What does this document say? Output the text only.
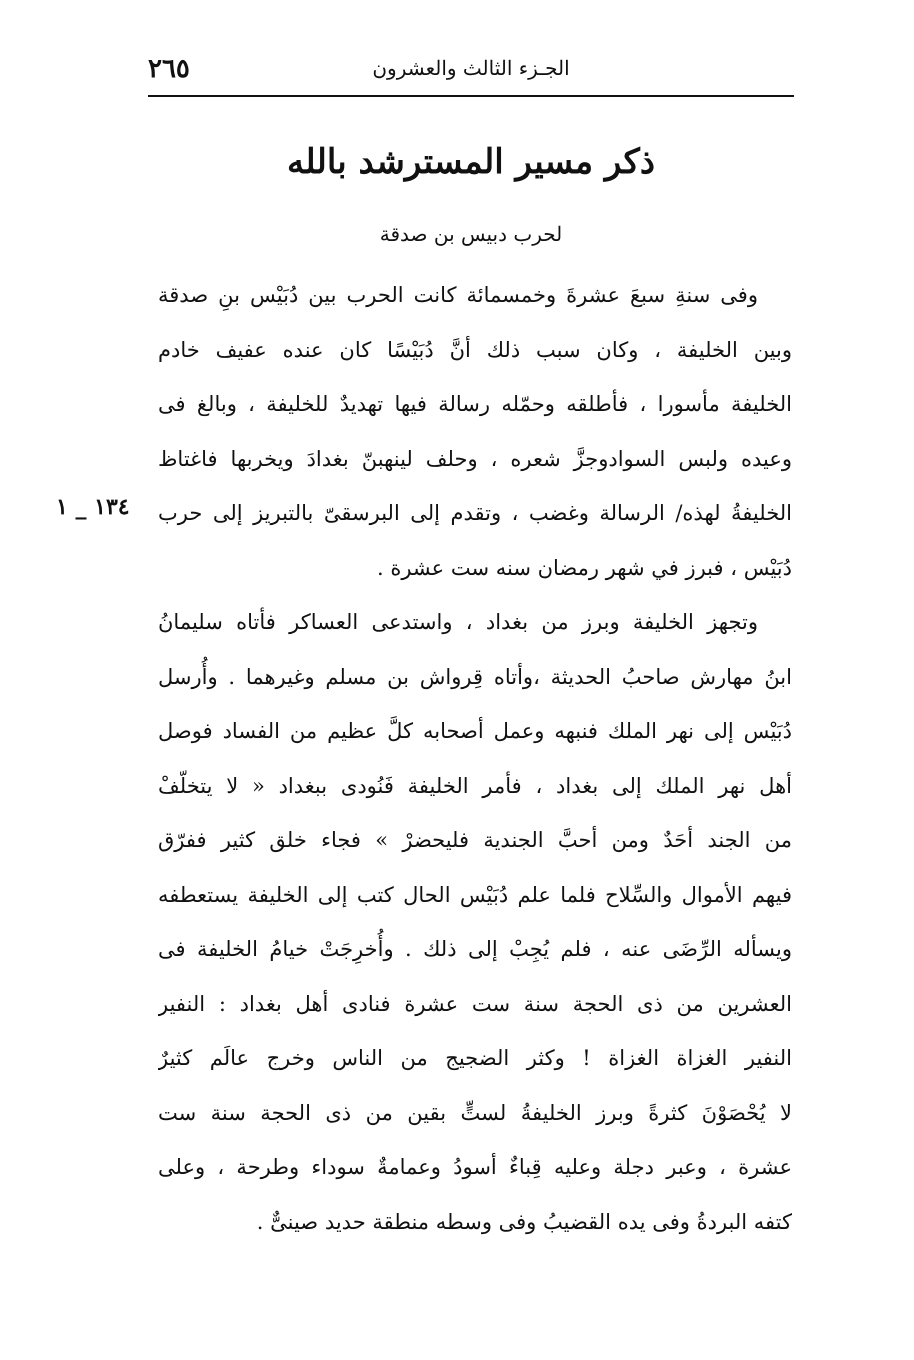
٢٦٥	الجـزء الثالث والعشرون
ذكر مسير المسترشد بالله
لحرب دبيس بن صدقة
١٣٤ _ ١
وفى سنةِ سبعَ عشرةَ وخمسمائة كانت الحرب بين دُبَيْس بنِ صدقة
وبين الخليفة ، وكان سبب ذلك أنَّ دُبَيْسًا كان عنده عفيف خادم
الخليفة مأسورا ، فأطلقه وحمّله رسالة فيها تهديدٌ للخليفة ، وبالغ فى
وعيده ولبس السوادوجزَّ شعره ، وحلف لينهبنّ بغدادَ ويخربها فاغتاظ
الخليفةُ لهذه/ الرسالة وغضب ، وتقدم إلى البرسقىّ بالتبريز إلى حرب
دُبَيْس ، فبرز في شهر رمضان سنه ست عشرة .
وتجهز الخليفة وبرز من بغداد ، واستدعى العساكر فأتاه سليمانُ
ابنُ مهارش صاحبُ الحديثة ،وأتاه قِرواش بن مسلم وغيرهما . وأُرسل
دُبَيْس إلى نهر الملك فنبهه وعمل أصحابه كلَّ عظيم من الفساد فوصل
أهل نهر الملك إلى بغداد ، فأمر الخليفة فَنُودى ببغداد « لا يتخلّفْ
من الجند أحَدٌ ومن أحبَّ الجندية فليحضرْ » فجاء خلق كثير ففرّق
فيهم الأموال والسِّلاح فلما علم دُبَيْس الحال كتب إلى الخليفة يستعطفه
ويسأله الرِّضَى عنه ، فلم يُجِبْ إلى ذلك . وأُخرِجَتْ خيامُ الخليفة فى
العشرين من ذى الحجة سنة ست عشرة فنادى أهل بغداد : النفير
النفير الغزاة الغزاة ! وكثر الضجيج من الناس وخرج عالَم كثيرٌ
لا يُحْصَوْنَ كثرةً وبرز الخليفةُ لستٍّ بقين من ذى الحجة سنة ست
عشرة ، وعبر دجلة وعليه قِباءٌ أسودُ وعمامةٌ سوداء وطرحة ، وعلى
كتفه البردةُ وفى يده القضيبُ وفى وسطه منطقة حديد صينىٌّ .
